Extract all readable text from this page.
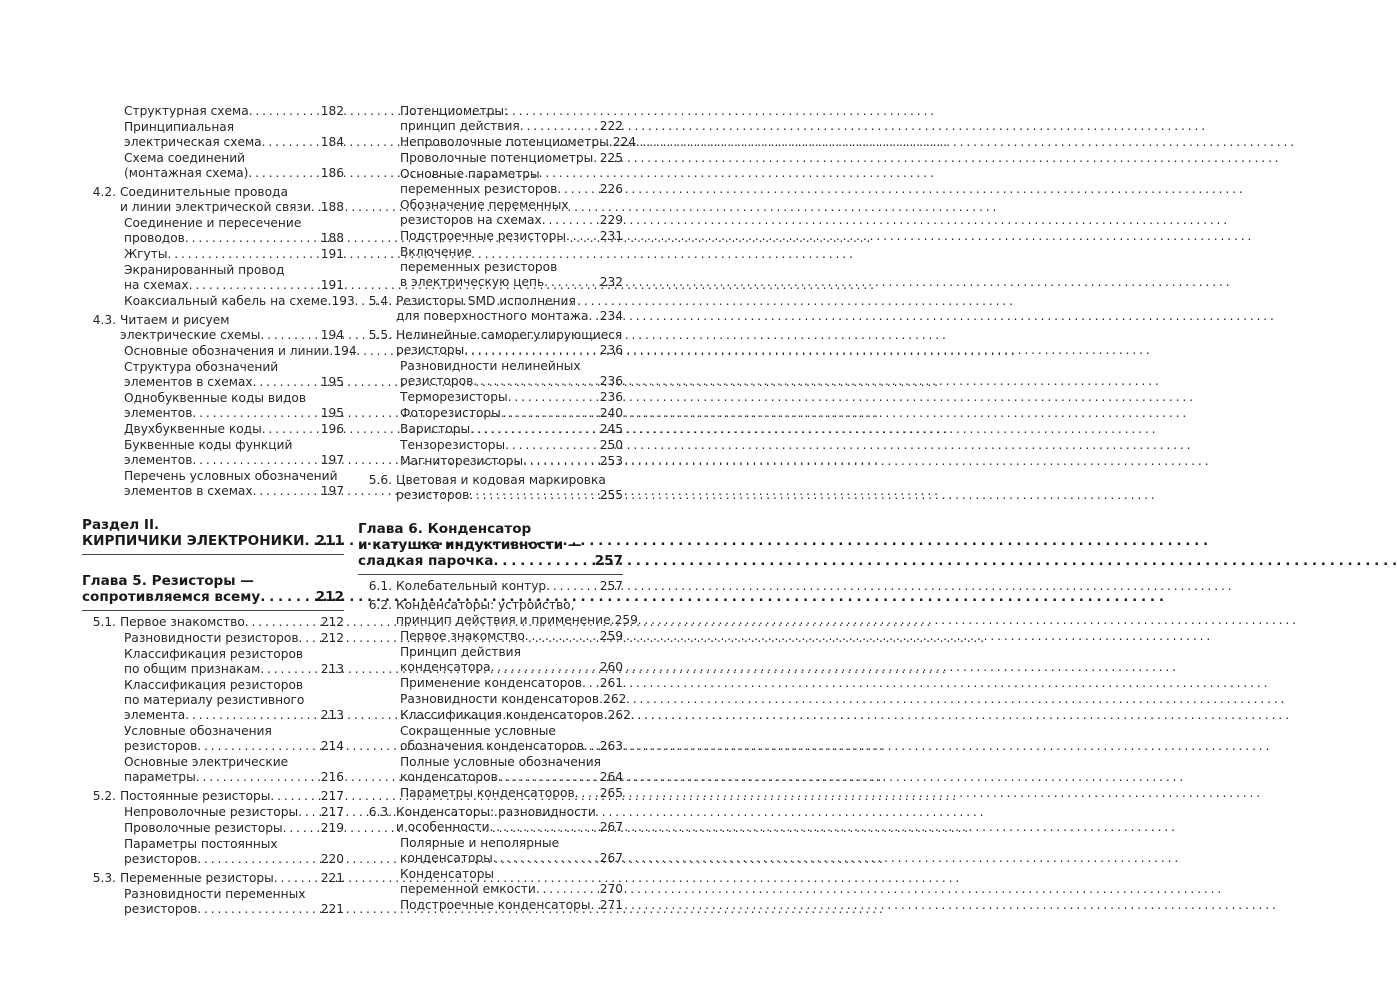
Структурная схема . . .	182
Принципиальная
электрическая схема . . .	184
Схема соединений
(монтажная схема) . . .	186
4.2. Соединительные провода
и линии электрической связи . . . 188
Соединение и пересечение
проводов . . .	188
Жгуты . . .	191
Экранированный провод
на схемах . . .	191
Коаксиальный кабель на схеме . . . 193
4.3. Читаем и рисуем
электрические схемы . . .	194
Основные обозначения и линии . . . 194
Структура обозначений
элементов в схемах . . .	195
Однобуквенные коды видов
элементов . . .	195
Двухбуквенные коды . . .	196
Буквенные коды функций
элементов . . .	197
Перечень условных обозначений
элементов в схемах . . .	197
Раздел II.
КИРПИЧИКИ ЭЛЕКТРОНИКИ . . . 211
Глава 5. Резисторы —
сопротивляемся всему . . .	212
5.1. Первое знакомство . . .	212
Разновидности резисторов . . . 212
Классификация резисторов
по общим признакам . . .	213
Классификация резисторов
по материалу резистивного
элемента . . .	213
Условные обозначения
резисторов . . .	214
Основные электрические
параметры . . .	216
5.2. Постоянные резисторы . . .	217
Непроволочные резисторы . . . 217
Проволочные резисторы . . .	219
Параметры постоянных
резисторов . . .	220
5.3. Переменные резисторы . . .	221
Разновидности переменных
резисторов . . .	221
Потенциометры:
принцип действия . . .	222
Непроволочные потенциометры . . . 224
Проволочные потенциометры . . . 225
Основные параметры
переменных резисторов . . .	226
Обозначение переменных
резисторов на схемах . . .	229
Подстроечные резисторы . . .	231
Включение
переменных резисторов
в электрическую цепь . . .	232
5.4. Резисторы SMD исполнения
для поверхностного монтажа . . . 234
5.5. Нелинейные саморегулирующиеся
резисторы . . .	236
Разновидности нелинейных
резисторов . . .	236
Терморезисторы . . .	236
Фоторезисторы . . .	240
Варисторы . . .	245
Тензорезисторы . . .	250
Магниторезисторы . . .	253
5.6. Цветовая и кодовая маркировка
резисторов . . .	255
Глава 6. Конденсатор
и катушка индуктивности —
сладкая парочка . . .	257
6.1. Колебательный контур . . .	257
6.2. Конденсаторы: устройство,
принцип действия и применение . . . 259
Первое знакомство . . .	259
Принцип действия
конденсатора . . .	260
Применение конденсаторов . . . 261
Разновидности конденсаторов . . . 262
Классификация конденсаторов . . . 262
Сокращенные условные
обозначения конденсаторов . . . 263
Полные условные обозначения
конденсаторов . . .	264
Параметры конденсаторов . . . 265
6.3. Конденсаторы: разновидности
и особенности . . .	267
Полярные и неполярные
конденсаторы . . .	267
Конденсаторы
переменной емкости . . .	270
Подстроечные конденсаторы . . . 271
